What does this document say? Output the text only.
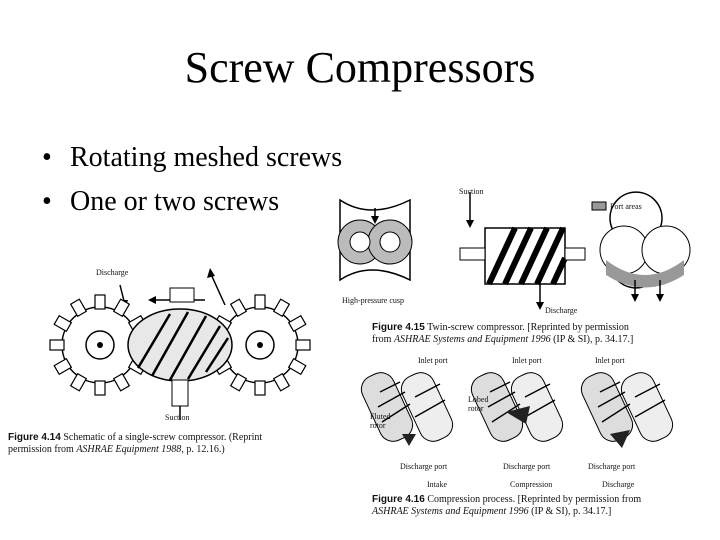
Screw Compressors
• Rotating meshed screws
• One or two screws
Discharge
Suction
Figure 4.14 Schematic of a single-screw compressor. (Reprint
permission from ASHRAE Equipment 1988, p. 12.16.)
Suction
Port areas
High-pressure cusp
Discharge
Figure 4.15 Twin-screw compressor. [Reprinted by permission
from ASHRAE Systems and Equipment 1996 (IP & SI), p. 34.17.]
Inlet port	Inlet port	Inlet port
Lobed
rotor
Fluted
rotor
Discharge port	Discharge port	Discharge port
Intake	Compression	Discharge
Figure 4.16 Compression process. [Reprinted by permission from
ASHRAE Systems and Equipment 1996 (IP & SI), p. 34.17.]
